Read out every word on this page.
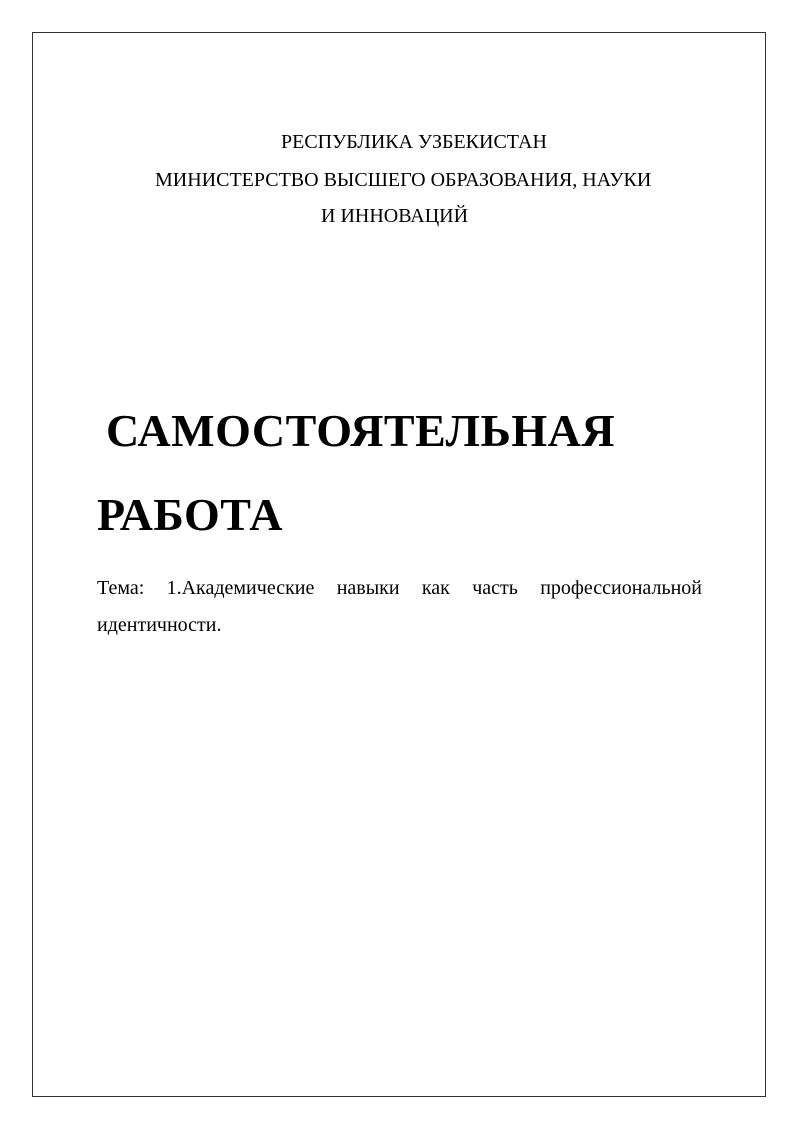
РЕСПУБЛИКА УЗБЕКИСТАН
МИНИСТЕРСТВО ВЫСШЕГО ОБРАЗОВАНИЯ, НАУКИ
И ИННОВАЦИЙ
САМОСТОЯТЕЛЬНАЯ
РАБОТА
Тема: 1.Академические навыки как часть профессиональной
идентичности.
